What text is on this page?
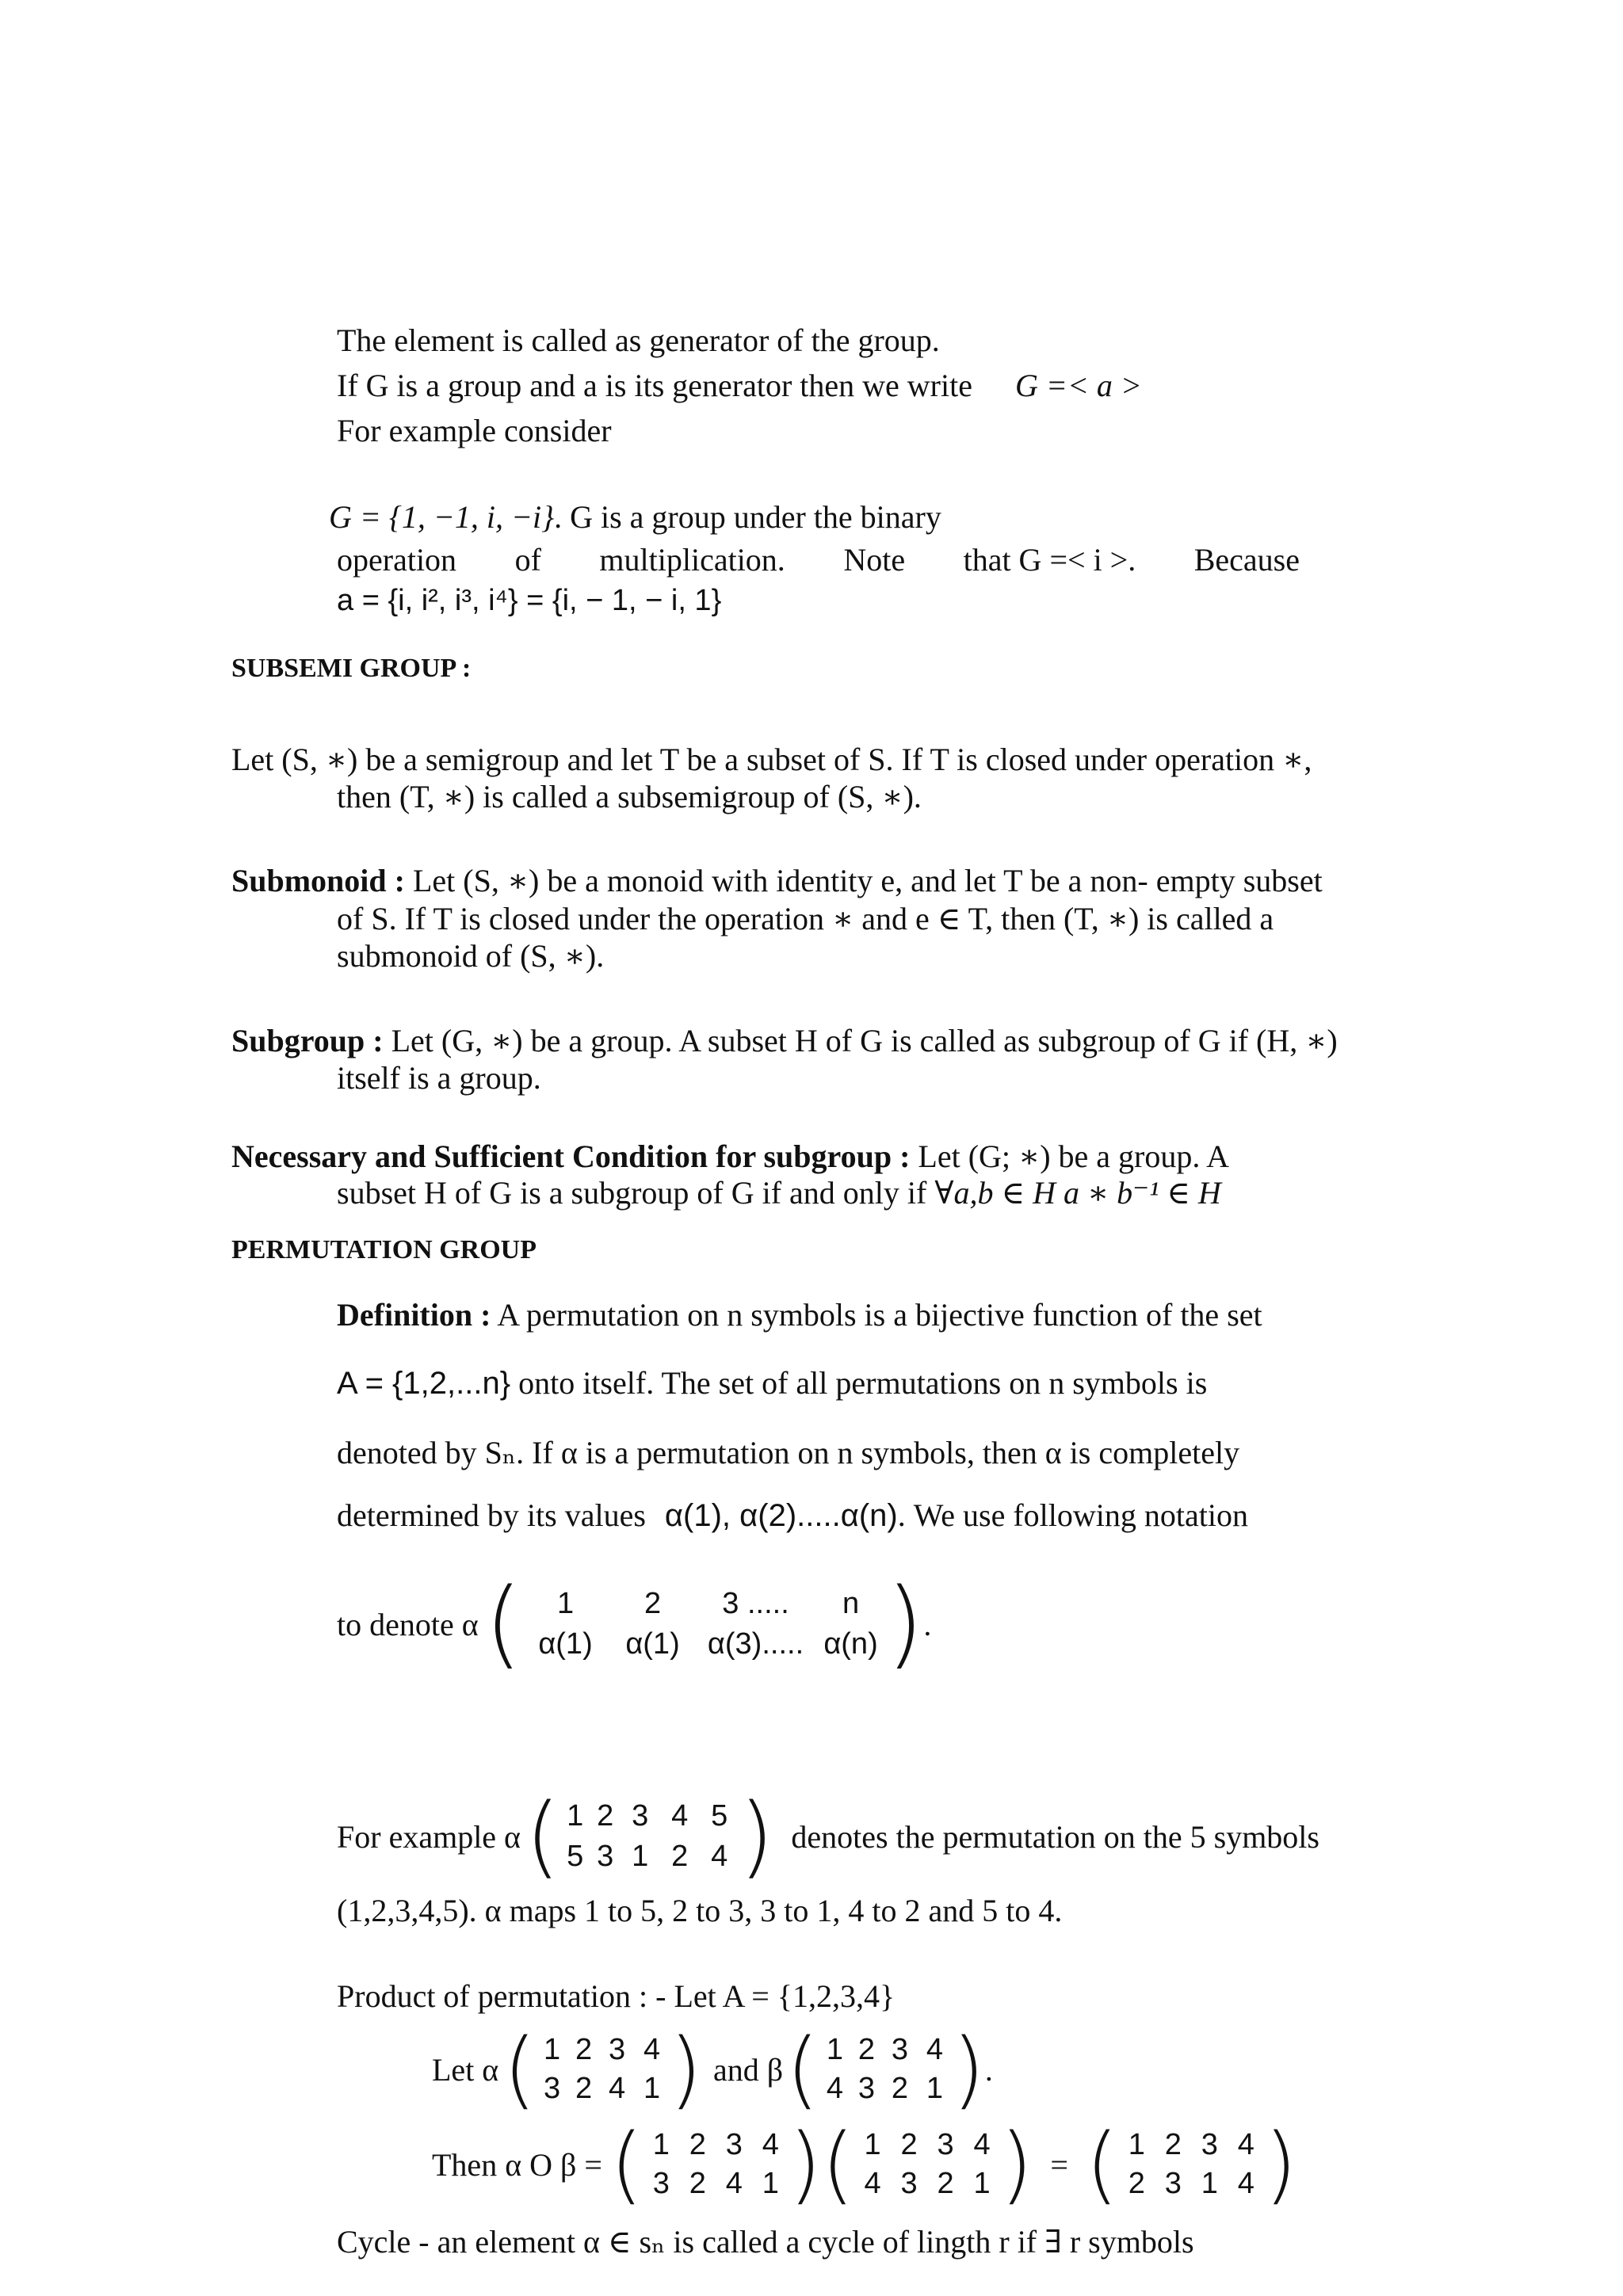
The element is called as generator of the group.
If G is a group and a is its generator then we write G =< a >
For example consider
G = {1, −1, i, −i}. G is a group under the binary
operation of multiplication. Note that G =< i >. Because
a = {i, i², i³, i⁴} = {i, − 1, − i, 1}
SUBSEMI GROUP :
Let (S, ∗) be a semigroup and let T be a subset of S. If T is closed under operation ∗,
then (T, ∗) is called a subsemigroup of (S, ∗).
Submonoid : Let (S, ∗) be a monoid with identity e, and let T be a non- empty subset
of S. If T is closed under the operation ∗ and e ∈ T, then (T, ∗) is called a
submonoid of (S, ∗).
Subgroup : Let (G, ∗) be a group. A subset H of G is called as subgroup of G if (H, ∗)
itself is a group.
Necessary and Sufficient Condition for subgroup : Let (G; ∗) be a group. A
subset H of G is a subgroup of G if and only if ∀a,b ∈ H a ∗ b⁻¹ ∈ H
PERMUTATION GROUP
Definition : A permutation on n symbols is a bijective function of the set
A = {1,2,...n} onto itself. The set of all permutations on n symbols is
denoted by Sₙ. If α is a permutation on n symbols, then α is completely
determined by its values α(1), α(2).....α(n). We use following notation
to denote α (	1	2	3 .....	n
α(1)	α(1) α(3)..... α(n) ) .
For example α ( 1 2 3 4 5
5 3 1 2 4 ) denotes the permutation on the 5 symbols
(1,2,3,4,5). α maps 1 to 5, 2 to 3, 3 to 1, 4 to 2 and 5 to 4.
Product of permutation : - Let A = {1,2,3,4}
Let α ( 1 2 3 4
3 2 4 1 ) and β ( 1 2 3 4
4 3 2 1 ) .
Then α O β = ( 1 2 3 4
3 2 4 1 ) ( 1 2 3 4
4 3 2 1 ) = ( 1 2 3 4
2 3 1 4 )
Cycle - an element α ∈ sₙ is called a cycle of lingth r if ∃ r symbols
